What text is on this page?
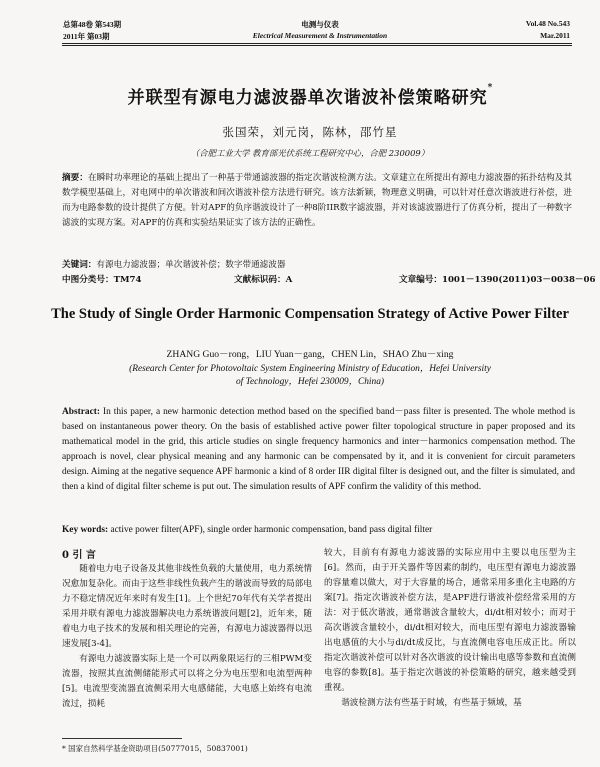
总第48卷 第543期
2011年 第03期
电测与仪表
Electrical Measurement & Instrumentation
Vol.48 No.543
Mar.2011
并联型有源电力滤波器单次谐波补偿策略研究*
张国荣，刘元岗，陈林，邵竹星
（合肥工业大学 教育部光伏系统工程研究中心，合肥 230009）
摘要：在瞬时功率理论的基础上提出了一种基于带通滤波器的指定次谐波检测方法。文章建立在所提出有源电力滤波器的拓扑结构及其数学模型基础上，对电网中的单次谐波和间次谐波补偿方法进行研究。该方法新颖，物理意义明确，可以针对任意次谐波进行补偿，进而为电路参数的设计提供了方便。针对APF的负序谐波设计了一种8阶IIR数字滤波器，并对该滤波器进行了仿真分析，提出了一种数字滤波的实现方案。对APF的仿真和实验结果证实了该方法的正确性。
关键词：有源电力滤波器；单次谐波补偿；数字带通滤波器
中图分类号：TM74	文献标识码：A	文章编号：1001－1390(2011)03－0038－06
The Study of Single Order Harmonic Compensation Strategy of Active Power Filter
ZHANG Guo－rong，LIU Yuan－gang，CHEN Lin，SHAO Zhu－xing
(Research Center for Photovoltaic System Engineering Ministry of Education，Hefei University
of Technology，Hefei 230009，China)
Abstract: In this paper, a new harmonic detection method based on the specified band－pass filter is presented. The whole method is based on instantaneous power theory. On the basis of established active power filter topological structure in paper proposed and its mathematical model in the grid, this article studies on single frequency harmonics and inter－harmonics compensation method. The approach is novel, clear physical meaning and any harmonic can be compensated by it, and it is convenient for circuit parameters design. Aiming at the negative sequence APF harmonic a kind of 8 order IIR digital filter is designed out, and the filter is simulated, and then a kind of digital filter scheme is put out. The simulation results of APF confirm the validity of this method.
Key words: active power filter(APF), single order harmonic compensation, band pass digital filter
0 引 言

随着电力电子设备及其他非线性负载的大量使用，电力系统情况愈加复杂化。而由于这些非线性负载产生的谐波而导致的局部电力不稳定情况近年来时有发生[1]。上个世纪70年代有关学者提出采用并联有源电力滤波器解决电力系统谐波问题[2]，近年来，随着电力电子技术的发展和相关理论的完善，有源电力滤波器得以迅速发展[3-4]。

有源电力滤波器实际上是一个可以两象限运行的三相PWM变流器，按照其直流侧储能形式可以将之分为电压型和电流型两种[5]。电流型变流器直流侧采用大电感储能，大电感上始终有电流流过，损耗

较大，目前有有源电力滤波器的实际应用中主要以电压型为主[6]。然而，由于开关器件等因素的制约，电压型有源电力滤波器的容量难以做大，对于大容量的场合，通常采用多重化主电路的方案[7]。指定次谐波补偿方法，是APF进行谐波补偿经常采用的方法：对于低次谐波，通常谐波含量较大，di/dt相对较小；而对于高次谐波含量较小，di/dt相对较大，而电压型有源电力滤波器输出电感值的大小与di/dt成反比，与直流侧电容电压成正比。所以指定次谐波补偿可以针对各次谐波的设计输出电感等参数和直流侧电容的参数[8]。基于指定次谐波的补偿策略的研究，越来越受到重视。

谐波检测方法有些基于时域，有些基于频域，基

* 国家自然科学基金资助项目(50777015，50837001)
